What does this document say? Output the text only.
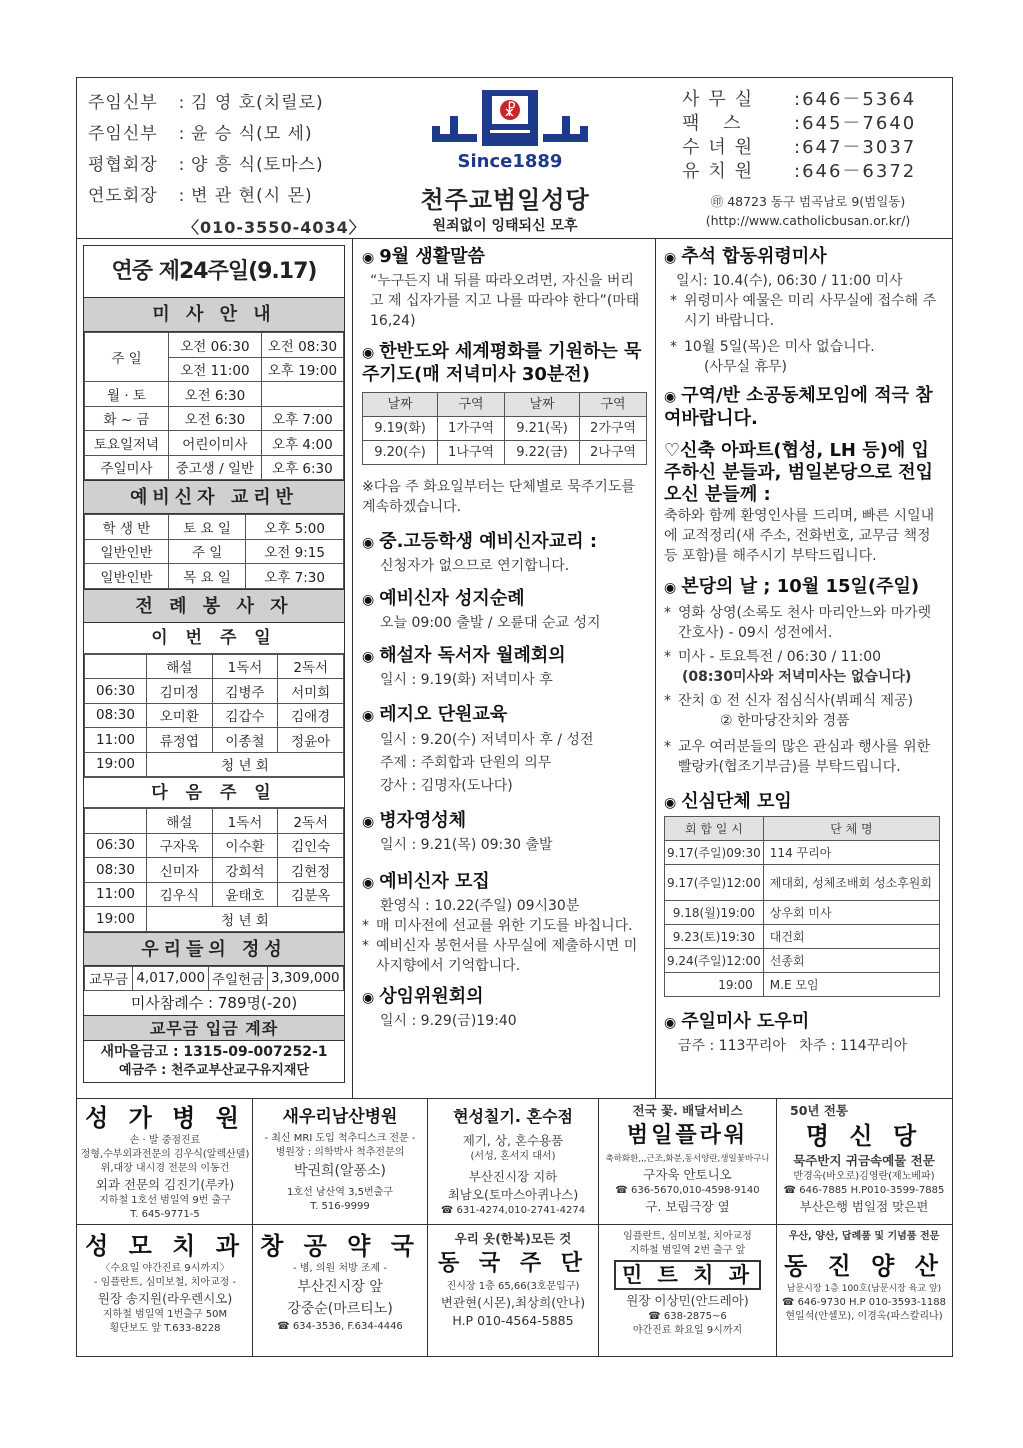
주임신부	: 김 영 호(치릴로)
주임신부	: 윤 승 식(모 세)
평협회장	: 양 흥 식(토마스)
연도회장	: 변 관 현(시 몬)
〈010-3550-4034〉
☧
Since1889
천주교범일성당
원죄없이 잉태되신 모후
사무실	: 646－5364
팩 스	: 645－7640
수녀원	: 647－3037
유치원	: 646－6372
㊞ 48723 동구 범곡남로 9(범일동)
(http://www.catholicbusan.or.kr/)
연중 제24주일(9.17)
미 사 안 내
주 일	오전 06:30	오전 08:30
	오전 11:00	오후 19:00
월 · 토	오전 6:30	
화 ~ 금	오전 6:30	오후 7:00
토요일저녁	어린이미사	오후 4:00
주일미사	중고생 / 일반	오후 6:30
예비신자 교리반
학 생 반	토 요 일	오후 5:00
일반인반	주 일	오전 9:15
일반인반	목 요 일	오후 7:30
전 례 봉 사 자
이 번 주 일
	해설	1독서	2독서
06:30	김미정	김병주	서미희
08:30	오미환	김갑수	김애경
11:00	류정엽	이종철	정윤아
19:00	청 년 회		
다 음 주 일
	해설	1독서	2독서
06:30	구자욱	이수환	김인숙
08:30	신미자	강희석	김현정
11:00	김우식	윤태호	김분옥
19:00	청 년 회		
우리들의 정성
교무금	4,017,000	주일헌금	3,309,000
미사참례수 : 789명(-20)
교무금 입금 계좌
새마을금고 : 1315-09-007252-1
예금주 : 천주교부산교구유지재단
◉ 9월 생활말씀
“누구든지 내 뒤를 따라오려면, 자신을 버리고 제 십자가를 지고 나를 따라야 한다”(마태 16,24)
◉ 한반도와 세계평화를 기원하는 묵주기도(매 저녁미사 30분전)
날짜	구역	날짜	구역
9.19(화)	1가구역	9.21(목)	2가구역
9.20(수)	1나구역	9.22(금)	2나구역
※다음 주 화요일부터는 단체별로 묵주기도를 계속하겠습니다.
◉ 중.고등학생 예비신자교리 :
신청자가 없으므로 연기합니다.
◉ 예비신자 성지순례
오늘 09:00 출발 / 오륜대 순교 성지
◉ 해설자 독서자 월례회의
일시 : 9.19(화) 저녁미사 후
◉ 레지오 단원교육
일시 : 9.20(수) 저녁미사 후 / 성전
주제 : 주회합과 단원의 의무
강사 : 김명자(도나다)
◉ 병자영성체
일시 : 9.21(목) 09:30 출발
◉ 예비신자 모집
환영식 : 10.22(주일) 09시30분
* 매 미사전에 선교를 위한 기도를 바칩니다.
* 예비신자 봉헌서를 사무실에 제출하시면 미사지향에서 기억합니다.
◉ 상임위원회의
일시 : 9.29(금)19:40
◉ 추석 합동위령미사
일시: 10.4(수), 06:30 / 11:00 미사
* 위령미사 예물은 미리 사무실에 접수해 주시기 바랍니다.
* 10월 5일(목)은 미사 없습니다.
(사무실 휴무)
◉ 구역/반 소공동체모임에 적극 참여바랍니다.
♡신축 아파트(협성, LH 등)에 입주하신 분들과, 범일본당으로 전입오신 분들께 :
축하와 함께 환영인사를 드리며, 빠른 시일내에 교적정리(새 주소, 전화번호, 교무금 책정 등 포함)를 해주시기 부탁드립니다.
◉ 본당의 날 ; 10월 15일(주일)
* 영화 상영(소록도 천사 마리안느와 마가렛 간호사) - 09시 성전에서.
* 미사 - 토요특전 / 06:30 / 11:00
(08:30미사와 저녁미사는 없습니다)
* 잔치 ① 전 신자 점심식사(뷔페식 제공)
② 한마당잔치와 경품
* 교우 여러분들의 많은 관심과 행사를 위한 빨랑카(협조기부금)를 부탁드립니다.
◉ 신심단체 모임
회 합 일 시	단 체 명
9.17(주일)09:30	114 꾸리아
9.17(주일)12:00	제대회, 성체조배회 성소후원회
9.18(월)19:00	상우회 미사
9.23(토)19:30	대건회
9.24(주일)12:00	선종회
19:00	M.E 모임
◉ 주일미사 도우미
금주 : 113꾸리아   차주 : 114꾸리아
성 가 병 원
손 · 발 중점진료
정형,수부외과전문의 김우식(알렉산델)
위,대장 내시경 전문의 이동건
외과 전문의 김진기(루카)
지하철 1호선 범일역 9번 출구
T. 645-9771-5
새우리남산병원
- 최신 MRI 도입 척추디스크 전문 -
병원장 : 의학박사 척추전문의
박권희(알퐁소)
1호선 남산역 3,5번출구
T. 516-9999
현성칠기. 혼수점
제기, 상, 혼수용품
(서성, 혼서지 대서)
부산진시장 지하
최남오(토마스아퀴나스)
☎ 631-4274,010-2741-4274
전국 꽃. 배달서비스
범일플라워
축하화환,,,근조,화분,동서양란,생일꽃바구니
구자욱 안토니오
☎ 636-5670,010-4598-9140
구. 보림극장 옆
50년 전통
명 신 당
묵주반지 귀금속예물 전문
반경옥(바오로)김영란(제노베파)
☎ 646-7885 H.P010-3599-7885
부산은행 범일점 맞은편
성 모 치 과
〈수요일 야간진료 9시까지〉
- 임플란트, 심미보철, 치아교정 -
원장 송지원(라우렌시오)
지하철 범일역 1번출구 50M
횡단보도 앞 T.633-8228
창 공 약 국
- 병, 의원 처방 조제 -
부산진시장 앞
강중순(마르티노)
☎ 634-3536, F.634-4446
우리 옷(한복)모든 것
동 국 주 단
진시장 1층 65,66(3호문입구)
변관현(시몬),최상희(안나)
H.P 010-4564-5885
임플란트, 심미보철, 치아교정
지하철 범일역 2번 출구 앞
민 트 치 과
원장 이상민(안드레아)
☎ 638-2875~6
야간진료 화요일 9시까지
우산, 양산, 답례품 및 기념품 전문
동 진 양 산
남문시장 1층 100호(남문시장 육교 앞)
☎ 646-9730 H.P 010-3593-1188
현일석(안셀모), 이경옥(파스칼리나)
